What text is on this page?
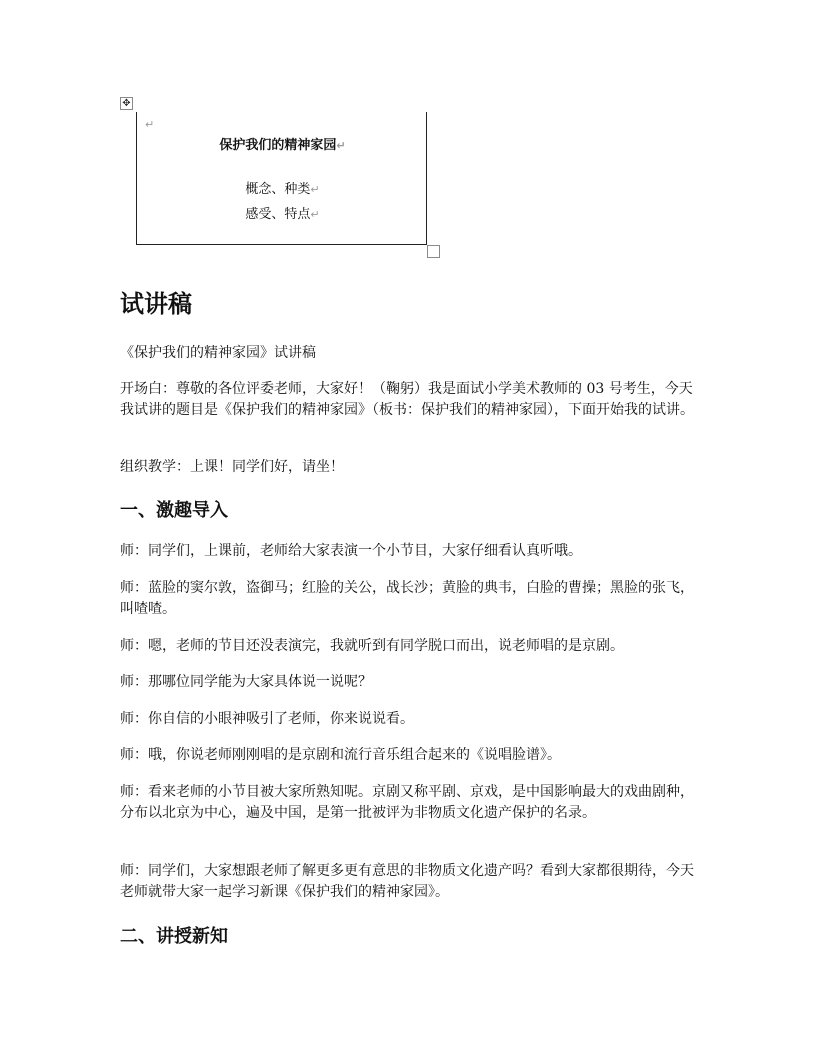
✥
↵
保护我们的精神家园↵
概念、种类↵
感受、特点↵
试讲稿

《保护我们的精神家园》试讲稿

开场白：尊敬的各位评委老师，大家好！（鞠躬）我是面试小学美术教师的 03 号考生，今天我试讲的题目是《保护我们的精神家园》（板书：保护我们的精神家园），下面开始我的试讲。

组织教学：上课！同学们好，请坐！

一、激趣导入

师：同学们，上课前，老师给大家表演一个小节目，大家仔细看认真听哦。

师：蓝脸的窦尔敦，盗御马；红脸的关公，战长沙；黄脸的典韦，白脸的曹操；黑脸的张飞，叫喳喳。

师：嗯，老师的节目还没表演完，我就听到有同学脱口而出，说老师唱的是京剧。

师：那哪位同学能为大家具体说一说呢？

师：你自信的小眼神吸引了老师，你来说说看。

师：哦，你说老师刚刚唱的是京剧和流行音乐组合起来的《说唱脸谱》。

师：看来老师的小节目被大家所熟知呢。京剧又称平剧、京戏，是中国影响最大的戏曲剧种，分布以北京为中心，遍及中国，是第一批被评为非物质文化遗产保护的名录。

师：同学们，大家想跟老师了解更多更有意思的非物质文化遗产吗？看到大家都很期待，今天老师就带大家一起学习新课《保护我们的精神家园》。

二、讲授新知
